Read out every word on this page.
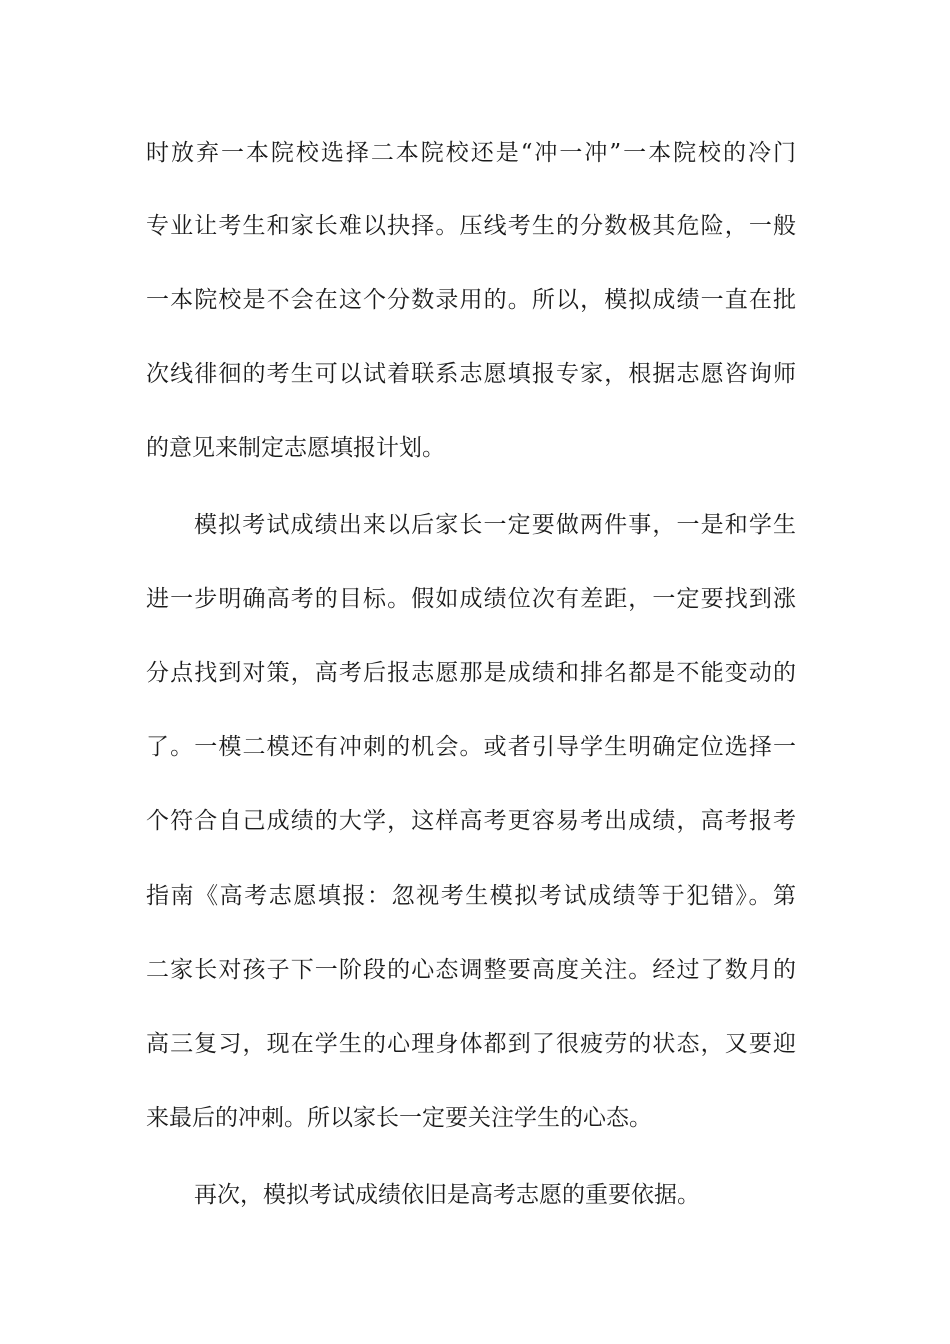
时放弃一本院校选择二本院校还是“冲一冲”一本院校的冷门
专业让考生和家长难以抉择。压线考生的分数极其危险，一般
一本院校是不会在这个分数录用的。所以，模拟成绩一直在批
次线徘徊的考生可以试着联系志愿填报专家，根据志愿咨询师
的意见来制定志愿填报计划。
模拟考试成绩出来以后家长一定要做两件事，一是和学生
进一步明确高考的目标。假如成绩位次有差距，一定要找到涨
分点找到对策，高考后报志愿那是成绩和排名都是不能变动的
了。一模二模还有冲刺的机会。或者引导学生明确定位选择一
个符合自己成绩的大学，这样高考更容易考出成绩，高考报考
指南《高考志愿填报：忽视考生模拟考试成绩等于犯错》。第
二家长对孩子下一阶段的心态调整要高度关注。经过了数月的
高三复习，现在学生的心理身体都到了很疲劳的状态，又要迎
来最后的冲刺。所以家长一定要关注学生的心态。
再次，模拟考试成绩依旧是高考志愿的重要依据。
